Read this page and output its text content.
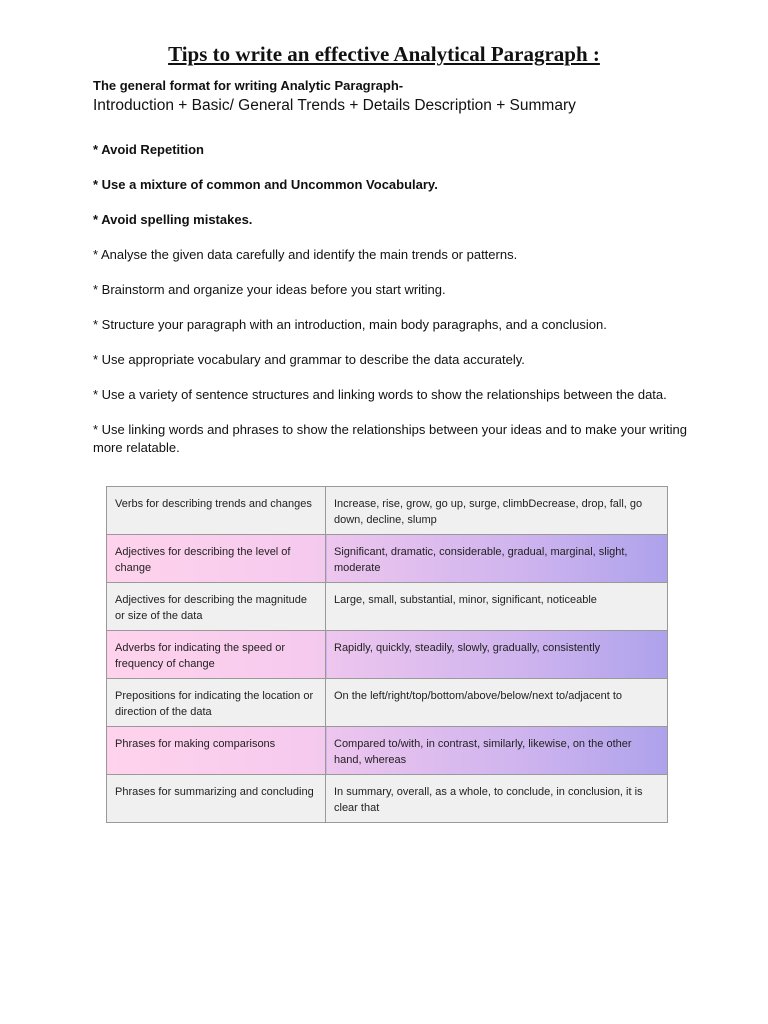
Tips to write an effective Analytical Paragraph :
The general format for writing Analytic Paragraph-
Introduction + Basic/ General Trends + Details Description + Summary
* Avoid Repetition
* Use a mixture of common and Uncommon Vocabulary.
* Avoid spelling mistakes.
* Analyse the given data carefully and identify the main trends or patterns.
* Brainstorm and organize your ideas before you start writing.
* Structure your paragraph with an introduction, main body paragraphs, and a conclusion.
* Use appropriate vocabulary and grammar to describe the data accurately.
* Use a variety of sentence structures and linking words to show the relationships between the data.
* Use linking words and phrases to show the relationships between your ideas and to make your writing more relatable.
Verbs for describing trends and changes	Increase, rise, grow, go up, surge, climbDecrease, drop, fall, go down, decline, slump
Adjectives for describing the level of change	Significant, dramatic, considerable, gradual, marginal, slight, moderate
Adjectives for describing the magnitude or size of the data	Large, small, substantial, minor, significant, noticeable
Adverbs for indicating the speed or frequency of change	Rapidly, quickly, steadily, slowly, gradually, consistently
Prepositions for indicating the location or direction of the data	On the left/right/top/bottom/above/below/next to/adjacent to
Phrases for making comparisons	Compared to/with, in contrast, similarly, likewise, on the other hand, whereas
Phrases for summarizing and concluding	In summary, overall, as a whole, to conclude, in conclusion, it is clear that
